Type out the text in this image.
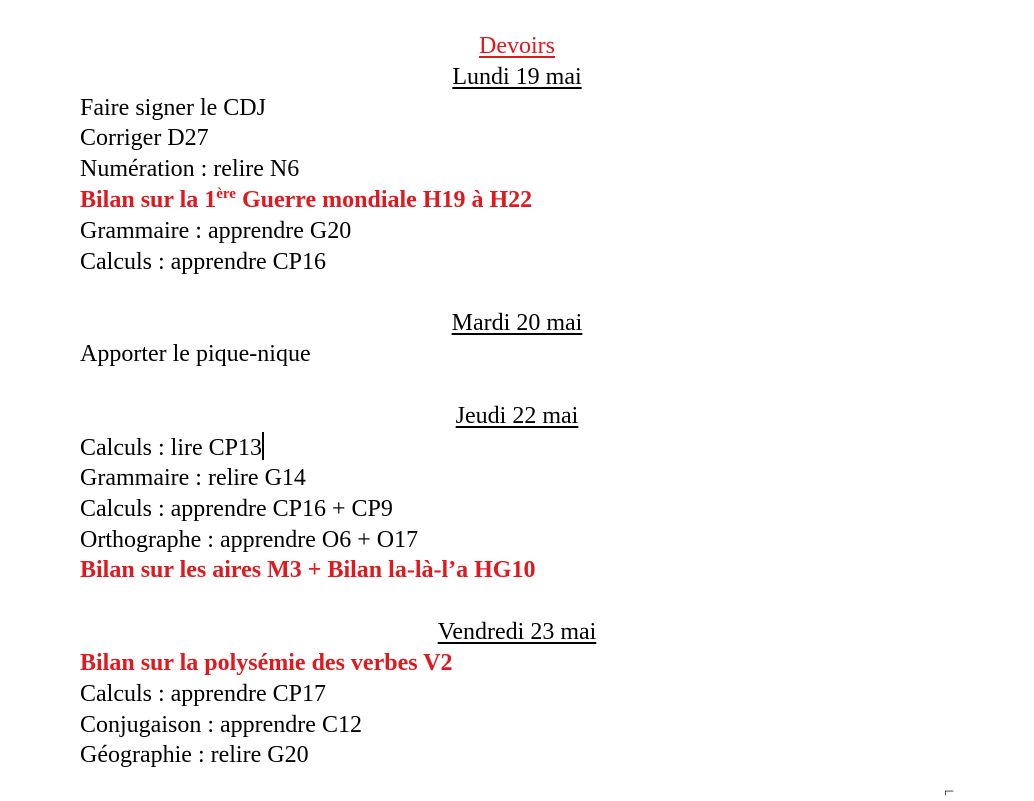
Devoirs
Lundi 19 mai
Faire signer le CDJ
Corriger D27
Numération : relire N6
Bilan sur la 1ère Guerre mondiale H19 à H22
Grammaire : apprendre G20
Calculs : apprendre CP16
Mardi 20 mai
Apporter le pique-nique
Jeudi 22 mai
Calculs : lire CP13
Grammaire : relire G14
Calculs : apprendre CP16 + CP9
Orthographe : apprendre O6 + O17
Bilan sur les aires M3 + Bilan la-là-l’a HG10
Vendredi 23 mai
Bilan sur la polysémie des verbes V2
Calculs : apprendre CP17
Conjugaison : apprendre C12
Géographie : relire G20
⌐
